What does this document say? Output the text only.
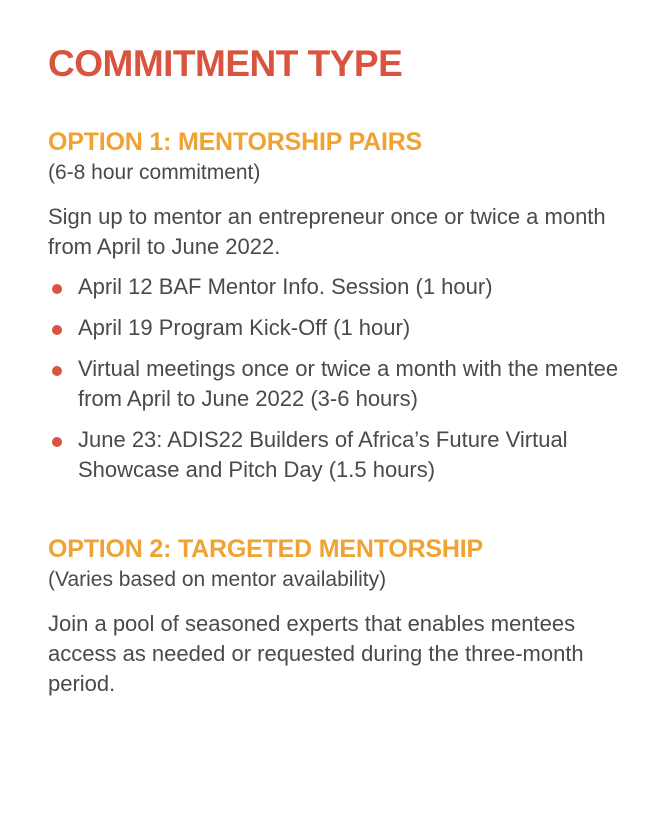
COMMITMENT TYPE
OPTION 1: MENTORSHIP PAIRS

(6-8 hour commitment)

Sign up to mentor an entrepreneur once or twice a month from April to June 2022.

April 12 BAF Mentor Info. Session (1 hour)
April 19 Program Kick-Off (1 hour)
Virtual meetings once or twice a month with the mentee from April to June 2022 (3-6 hours)
June 23: ADIS22 Builders of Africa’s Future Virtual Showcase and Pitch Day (1.5 hours)
OPTION 2: TARGETED MENTORSHIP

(Varies based on mentor availability)

Join a pool of seasoned experts that enables mentees access as needed or requested during the three-month period.
